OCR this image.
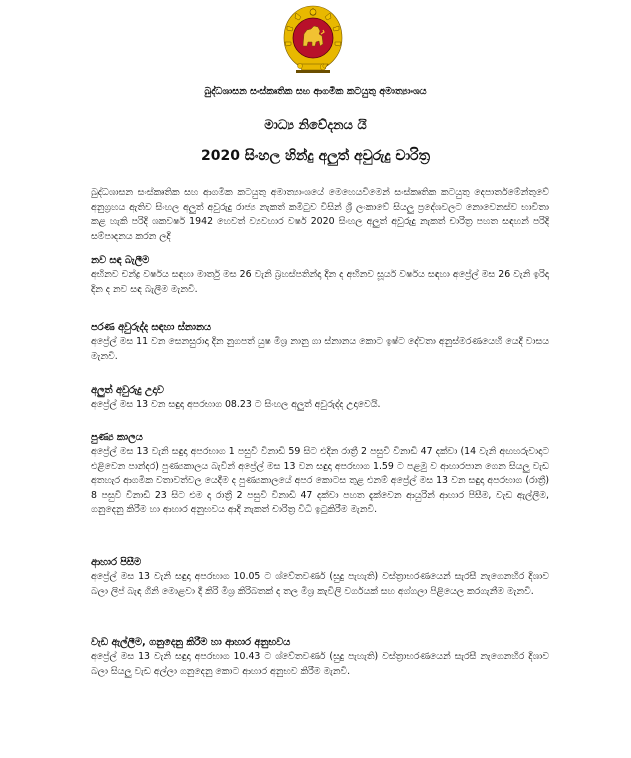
බුද්ධශාසන සංස්කෘතික සහ ආගමික කටයුතු අමාත්‍යාංශය
මාධ්‍ය නිවේදනය යි
2020 සිංහල හින්දු අලුත් අවුරුදු චාරිත්‍ර
බුද්ධශාසන සංස්කෘතික සහ ආගමික කටයුතු අමාත්‍යාංශයේ මෙහෙයවීමෙන් සංස්කෘතික කටයුතු දෙපාර්තමේන්තුවේ අනුග්‍රහය ඇතිව සිංහල අලුත් අවුරුදු රාජ්‍ය නැකත් කමිටුව විසින් ශ්‍රී ලංකාවේ සියලු ප්‍රදේශවලට නොවෙනස්ව භාවිතා කළ හැකි පරිදි ශකවර්ෂ 1942 හෙවත් ව්‍යවහාර වර්ෂ 2020 සිංහල අලුත් අවුරුදු නැකත් චාරිත්‍ර පහත සඳහන් පරිදි සම්පාදනය කරන ලදි
නව සඳ බැලීම
අභිනව චන්ද්‍ර වර්ෂය සඳහා මාර්තු මස 26 වැනි බ්‍රහස්පතින්දා දින ද අභිනව සූර්ය වර්ෂය සඳහා අප්‍රේල් මස 26 වැනි ඉරිදා දින ද නව සඳ බැලීම මැනවි.
පරණ අවුරුද්ද සඳහා ස්නානය
අප්‍රේල් මස 11 වන සෙනසුරාදා දින නුගපත් යුෂ මිශ්‍ර නානු ගා ස්නානය කොට ඉෂ්ට දේවතා අනුස්මරණයෙහි යෙදී වාසය මැනවි.
අලුත් අවුරුදු උදාව
අප්‍රේල් මස 13 වන සඳුදා අපරභාග 08.23 ට සිංහල අලුත් අවුරුද්ද උදාවෙයි.
පුණ්‍ය කාලය
අප්‍රේල් මස 13 වැනි සඳුදා අපරභාග 1 පසුවී විනාඩි 59 සිට එදින රාත්‍රී 2 පසුවී විනාඩි 47 දක්වා (14 වැනි අඟහරුවාදාට එළිවෙන පාන්දර) පුණ්‍යකාලය බැවින් අප්‍රේල් මස 13 වන සඳුදා අපරභාග 1.59 ට පළමු ව ආහාරපාන ගෙන සියලු වැඩ අතහැර ආගමික වතාවත්වල යෙදීම ද පුණ්‍යකාලයේ අපර කොටස තුළ එනම් අප්‍රේල් මස 13 වන සඳුදා අපරභාග (රාත්‍රී) 8 පසුවී විනාඩි 23 සිට එම දා රාත්‍රී 2 පසුවී විනාඩි 47 දක්වා පහත දැක්වෙන ආයුරින් ආහාර පිසීම, වැඩ ඇල්ලීම, ගනුදෙනු කිරීම හා ආහාර අනුභවය ආදි නැකත් චාරිත්‍ර විධි ඉටුකිරීම මැනවි.
ආහාර පිසීම
අප්‍රේල් මස 13 වැනි සඳුදා අපරභාග 10.05 ට ශ්වේතවර්ණ (සුදු පැහැති) වස්ත්‍රාභරණයෙන් සැරසී නැගෙනහිර දිශාව බලා ලිප් බැඳ ගිනි මොළවා දී කිරි මිශ්‍ර කිරිබතක් ද තල මිශ්‍ර කැවිලි වර්ගයක් සහ අග්ගලා පිළියෙල කරගැනීම මැනවි.
වැඩ ඇල්ලීම, ගනුදෙනු කිරීම හා ආහාර අනුභවය
අප්‍රේල් මස 13 වැනි සඳුදා අපරභාග 10.43 ට ශ්වේතවර්ණ (සුදු පැහැති) වස්ත්‍රාභරණයෙන් සැරසී නැගෙනහිර දිශාව බලා සියලු වැඩ අල්ලා ගනුදෙනු කොට ආහාර අනුභව කිරීම මැනවි.
